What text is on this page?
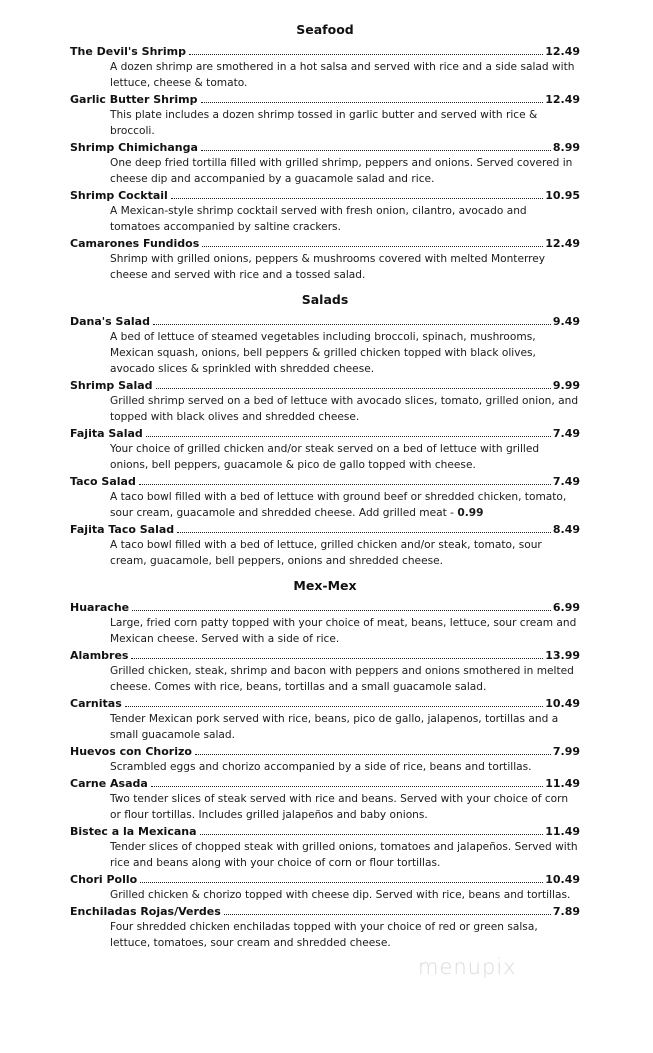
Seafood
The Devil's Shrimp	12.49
A dozen shrimp are smothered in a hot salsa and served with rice and a side salad with lettuce, cheese & tomato.
Garlic Butter Shrimp	12.49
This plate includes a dozen shrimp tossed in garlic butter and served with rice & broccoli.
Shrimp Chimichanga	8.99
One deep fried tortilla filled with grilled shrimp, peppers and onions. Served covered in cheese dip and accompanied by a guacamole salad and rice.
Shrimp Cocktail	10.95
A Mexican-style shrimp cocktail served with fresh onion, cilantro, avocado and tomatoes accompanied by saltine crackers.
Camarones Fundidos	12.49
Shrimp with grilled onions, peppers & mushrooms covered with melted Monterrey cheese and served with rice and a tossed salad.
Salads
Dana's Salad	9.49
A bed of lettuce of steamed vegetables including broccoli, spinach, mushrooms, Mexican squash, onions, bell peppers & grilled chicken topped with black olives, avocado slices & sprinkled with shredded cheese.
Shrimp Salad	9.99
Grilled shrimp served on a bed of lettuce with avocado slices, tomato, grilled onion, and topped with black olives and shredded cheese.
Fajita Salad	7.49
Your choice of grilled chicken and/or steak served on a bed of lettuce with grilled onions, bell peppers, guacamole & pico de gallo topped with cheese.
Taco Salad	7.49
A taco bowl filled with a bed of lettuce with ground beef or shredded chicken, tomato, sour cream, guacamole and shredded cheese. Add grilled meat - 0.99
Fajita Taco Salad	8.49
A taco bowl filled with a bed of lettuce, grilled chicken and/or steak, tomato, sour cream, guacamole, bell peppers, onions and shredded cheese.
Mex-Mex
Huarache	6.99
Large, fried corn patty topped with your choice of meat, beans, lettuce, sour cream and Mexican cheese. Served with a side of rice.
Alambres	13.99
Grilled chicken, steak, shrimp and bacon with peppers and onions smothered in melted cheese. Comes with rice, beans, tortillas and a small guacamole salad.
Carnitas	10.49
Tender Mexican pork served with rice, beans, pico de gallo, jalapenos, tortillas and a small guacamole salad.
Huevos con Chorizo	7.99
Scrambled eggs and chorizo accompanied by a side of rice, beans and tortillas.
Carne Asada	11.49
Two tender slices of steak served with rice and beans. Served with your choice of corn or flour tortillas. Includes grilled jalapeños and baby onions.
Bistec a la Mexicana	11.49
Tender slices of chopped steak with grilled onions, tomatoes and jalapeños. Served with rice and beans along with your choice of corn or flour tortillas.
Chori Pollo	10.49
Grilled chicken & chorizo topped with cheese dip. Served with rice, beans and tortillas.
Enchiladas Rojas/Verdes	7.89
Four shredded chicken enchiladas topped with your choice of red or green salsa, lettuce, tomatoes, sour cream and shredded cheese.
menupix
